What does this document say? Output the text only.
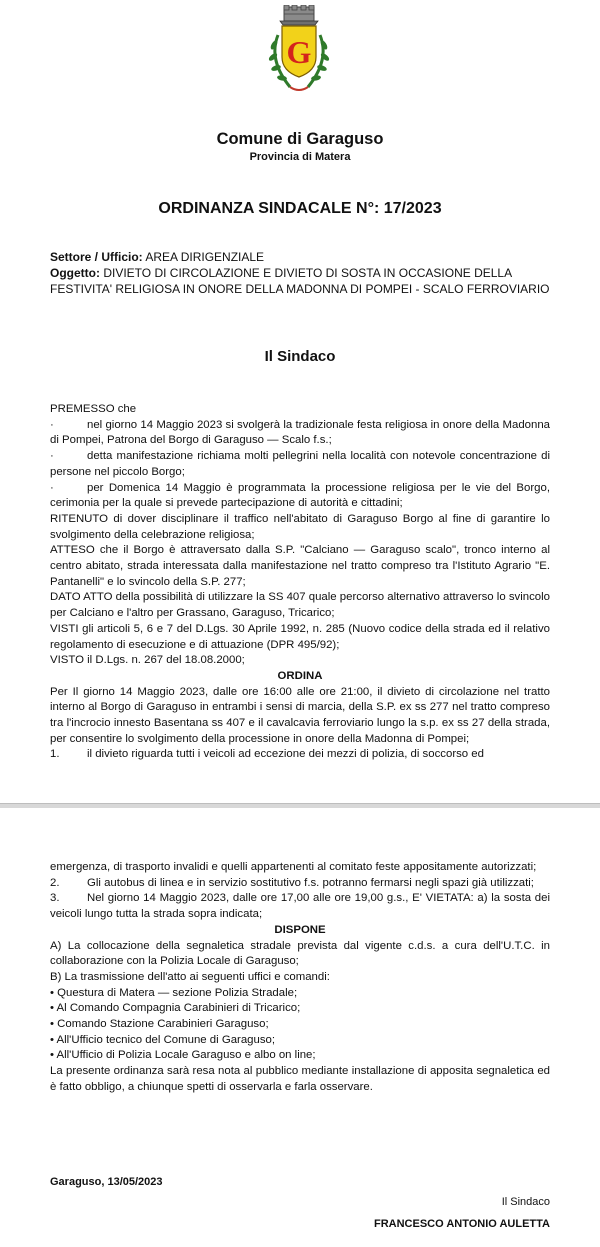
G
Comune di Garaguso
Provincia di Matera
ORDINANZA SINDACALE N°: 17/2023
Settore / Ufficio: AREA DIRIGENZIALE
Oggetto: DIVIETO DI CIRCOLAZIONE E DIVIETO DI SOSTA IN OCCASIONE DELLA FESTIVITA' RELIGIOSA IN ONORE DELLA MADONNA DI POMPEI - SCALO FERROVIARIO
Il Sindaco

PREMESSO che

·	nel giorno 14 Maggio 2023 si svolgerà la tradizionale festa religiosa in onore della Madonna di Pompei, Patrona del Borgo di Garaguso — Scalo f.s.;

·	detta manifestazione richiama molti pellegrini nella località con notevole concentrazione di persone nel piccolo Borgo;

·	per Domenica 14 Maggio è programmata la processione religiosa per le vie del Borgo, cerimonia per la quale si prevede partecipazione di autorità e cittadini;

RITENUTO di dover disciplinare il traffico nell'abitato di Garaguso Borgo al fine di garantire lo svolgimento della celebrazione religiosa;

ATTESO che il Borgo è attraversato dalla S.P. "Calciano — Garaguso scalo", tronco interno al centro abitato, strada interessata dalla manifestazione nel tratto compreso tra l'Istituto Agrario "E. Pantanelli" e lo svincolo della S.P. 277;

DATO ATTO della possibilità di utilizzare la SS 407 quale percorso alternativo attraverso lo svincolo per Calciano e l'altro per Grassano, Garaguso, Tricarico;

VISTI gli articoli 5, 6 e 7 del D.Lgs. 30 Aprile 1992, n. 285 (Nuovo codice della strada ed il relativo regolamento di esecuzione e di attuazione (DPR 495/92);

VISTO il D.Lgs. n. 267 del 18.08.2000;

ORDINA

Per Il giorno 14 Maggio 2023, dalle ore 16:00 alle ore 21:00, il divieto di circolazione nel tratto interno al Borgo di Garaguso in entrambi i sensi di marcia, della S.P. ex ss 277 nel tratto compreso tra l'incrocio innesto Basentana ss 407 e il cavalcavia ferroviario lungo la s.p. ex ss 27 della strada, per consentire lo svolgimento della processione in onore della Madonna di Pompei;

1. il divieto riguarda tutti i veicoli ad eccezione dei mezzi di polizia, di soccorso ed

emergenza, di trasporto invalidi e quelli appartenenti al comitato feste appositamente autorizzati;

2. Gli autobus di linea e in servizio sostitutivo f.s. potranno fermarsi negli spazi già utilizzati;

3. Nel giorno 14 Maggio 2023, dalle ore 17,00 alle ore 19,00 g.s., E' VIETATA: a) la sosta dei veicoli lungo tutta la strada sopra indicata;

DISPONE

A) La collocazione della segnaletica stradale prevista dal vigente c.d.s. a cura dell'U.T.C. in collaborazione con la Polizia Locale di Garaguso;

B) La trasmissione dell'atto ai seguenti uffici e comandi:

• Questura di Matera — sezione Polizia Stradale;

• Al Comando Compagnia Carabinieri di Tricarico;

• Comando Stazione Carabinieri Garaguso;

• All'Ufficio tecnico del Comune di Garaguso;

• All'Ufficio di Polizia Locale Garaguso e albo on line;

La presente ordinanza sarà resa nota al pubblico mediante installazione di apposita segnaletica ed è fatto obbligo, a chiunque spetti di osservarla e farla osservare.

Garaguso, 13/05/2023
Il Sindaco
FRANCESCO ANTONIO AULETTA
